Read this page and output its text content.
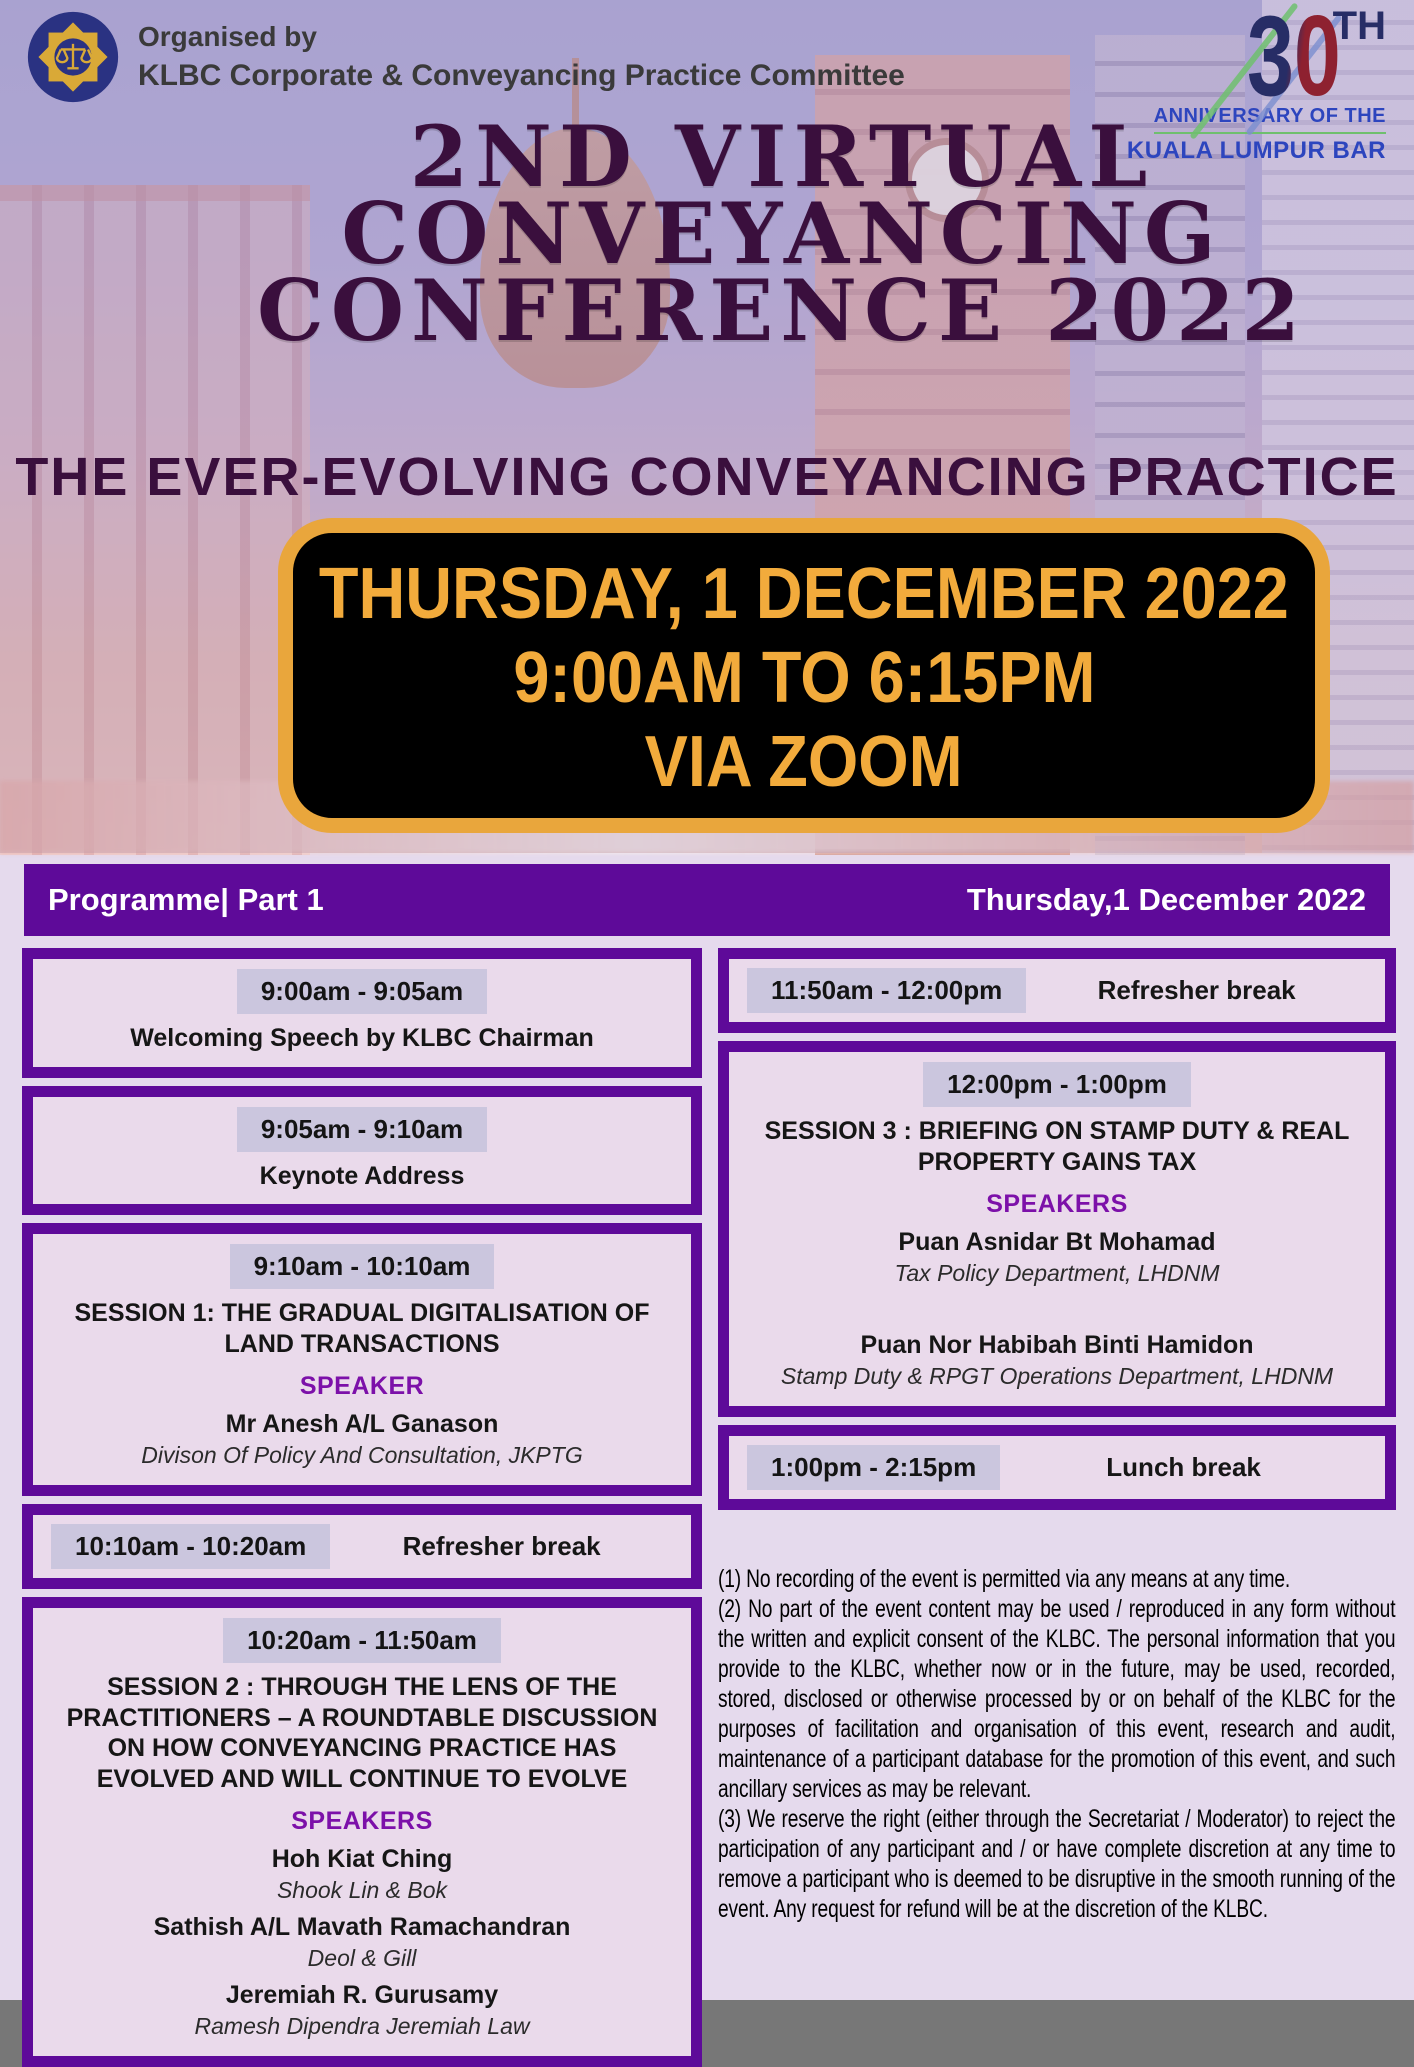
Organised by
KLBC Corporate & Conveyancing Practice Committee	30TH
ANNIVERSARY OF THE
KUALA LUMPUR BAR
2ND VIRTUAL
CONVEYANCING
CONFERENCE 2022
THE EVER-EVOLVING CONVEYANCING PRACTICE
THURSDAY, 1 DECEMBER 2022
9:00AM TO 6:15PM
VIA ZOOM
Programme| Part 1	Thursday,1 December 2022
9:00am - 9:05am
Welcoming Speech by KLBC Chairman
9:05am - 9:10am
Keynote Address
9:10am - 10:10am
SESSION 1: THE GRADUAL DIGITALISATION OF LAND TRANSACTIONS
SPEAKER
Mr Anesh A/L Ganason
Divison Of Policy And Consultation, JKPTG
10:10am - 10:20am	Refresher break
10:20am - 11:50am
SESSION 2 : THROUGH THE LENS OF THE PRACTITIONERS – A ROUNDTABLE DISCUSSION ON HOW CONVEYANCING PRACTICE HAS EVOLVED AND WILL CONTINUE TO EVOLVE
SPEAKERS
Hoh Kiat Ching
Shook Lin & Bok
Sathish A/L Mavath Ramachandran
Deol & Gill
Jeremiah R. Gurusamy
Ramesh Dipendra Jeremiah Law
11:50am - 12:00pm	Refresher break
12:00pm - 1:00pm
SESSION 3 : BRIEFING ON STAMP DUTY & REAL PROPERTY GAINS TAX
SPEAKERS
Puan Asnidar Bt Mohamad
Tax Policy Department, LHDNM
Puan Nor Habibah Binti Hamidon
Stamp Duty & RPGT Operations Department, LHDNM
1:00pm - 2:15pm	Lunch break

(1) No recording of the event is permitted via any means at any time.

(2) No part of the event content may be used / reproduced in any form without the written and explicit consent of the KLBC. The personal information that you provide to the KLBC, whether now or in the future, may be used, recorded, stored, disclosed or otherwise processed by or on behalf of the KLBC for the purposes of facilitation and organisation of this event, research and audit, maintenance of a participant database for the promotion of this event, and such ancillary services as may be relevant.

(3) We reserve the right (either through the Secretariat / Moderator) to reject the participation of any participant and / or have complete discretion at any time to remove a participant who is deemed to be disruptive in the smooth running of the event. Any request for refund will be at the discretion of the KLBC.
